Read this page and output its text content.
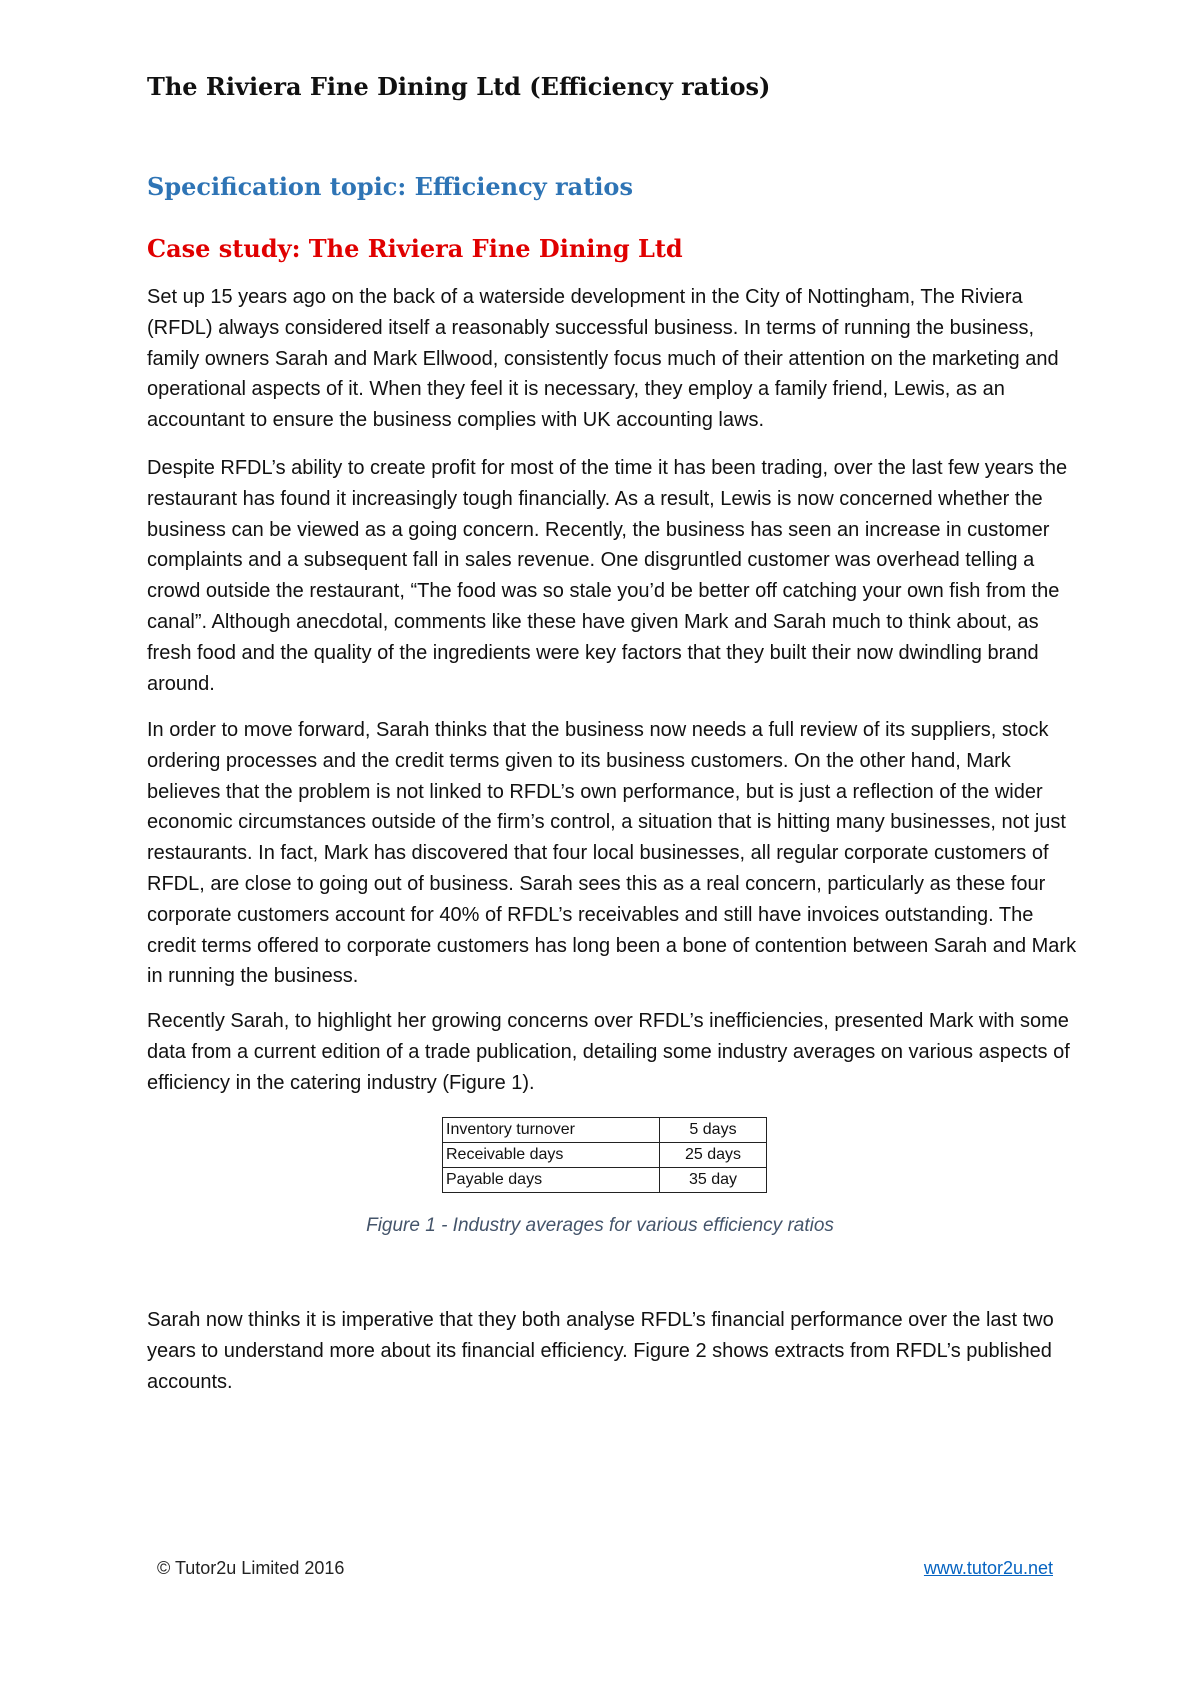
The Riviera Fine Dining Ltd (Efficiency ratios)
Specification topic: Efficiency ratios
Case study: The Riviera Fine Dining Ltd

Set up 15 years ago on the back of a waterside development in the City of Nottingham, The Riviera (RFDL) always considered itself a reasonably successful business. In terms of running the business, family owners Sarah and Mark Ellwood, consistently focus much of their attention on the marketing and operational aspects of it. When they feel it is necessary, they employ a family friend, Lewis, as an accountant to ensure the business complies with UK accounting laws.

Despite RFDL’s ability to create profit for most of the time it has been trading, over the last few years the restaurant has found it increasingly tough financially. As a result, Lewis is now concerned whether the business can be viewed as a going concern. Recently, the business has seen an increase in customer complaints and a subsequent fall in sales revenue. One disgruntled customer was overhead telling a crowd outside the restaurant, “The food was so stale you’d be better off catching your own fish from the canal”. Although anecdotal, comments like these have given Mark and Sarah much to think about, as fresh food and the quality of the ingredients were key factors that they built their now dwindling brand around.

In order to move forward, Sarah thinks that the business now needs a full review of its suppliers, stock ordering processes and the credit terms given to its business customers. On the other hand, Mark believes that the problem is not linked to RFDL’s own performance, but is just a reflection of the wider economic circumstances outside of the firm’s control, a situation that is hitting many businesses, not just restaurants. In fact, Mark has discovered that four local businesses, all regular corporate customers of RFDL, are close to going out of business. Sarah sees this as a real concern, particularly as these four corporate customers account for 40% of RFDL’s receivables and still have invoices outstanding. The credit terms offered to corporate customers has long been a bone of contention between Sarah and Mark in running the business.

Recently Sarah, to highlight her growing concerns over RFDL’s inefficiencies, presented Mark with some data from a current edition of a trade publication, detailing some industry averages on various aspects of efficiency in the catering industry (Figure 1).

Inventory turnover	5 days
Receivable days	25 days
Payable days	35 day
Figure 1 - Industry averages for various efficiency ratios

Sarah now thinks it is imperative that they both analyse RFDL’s financial performance over the last two years to understand more about its financial efficiency. Figure 2 shows extracts from RFDL’s published accounts.

© Tutor2u Limited 2016	www.tutor2u.net
